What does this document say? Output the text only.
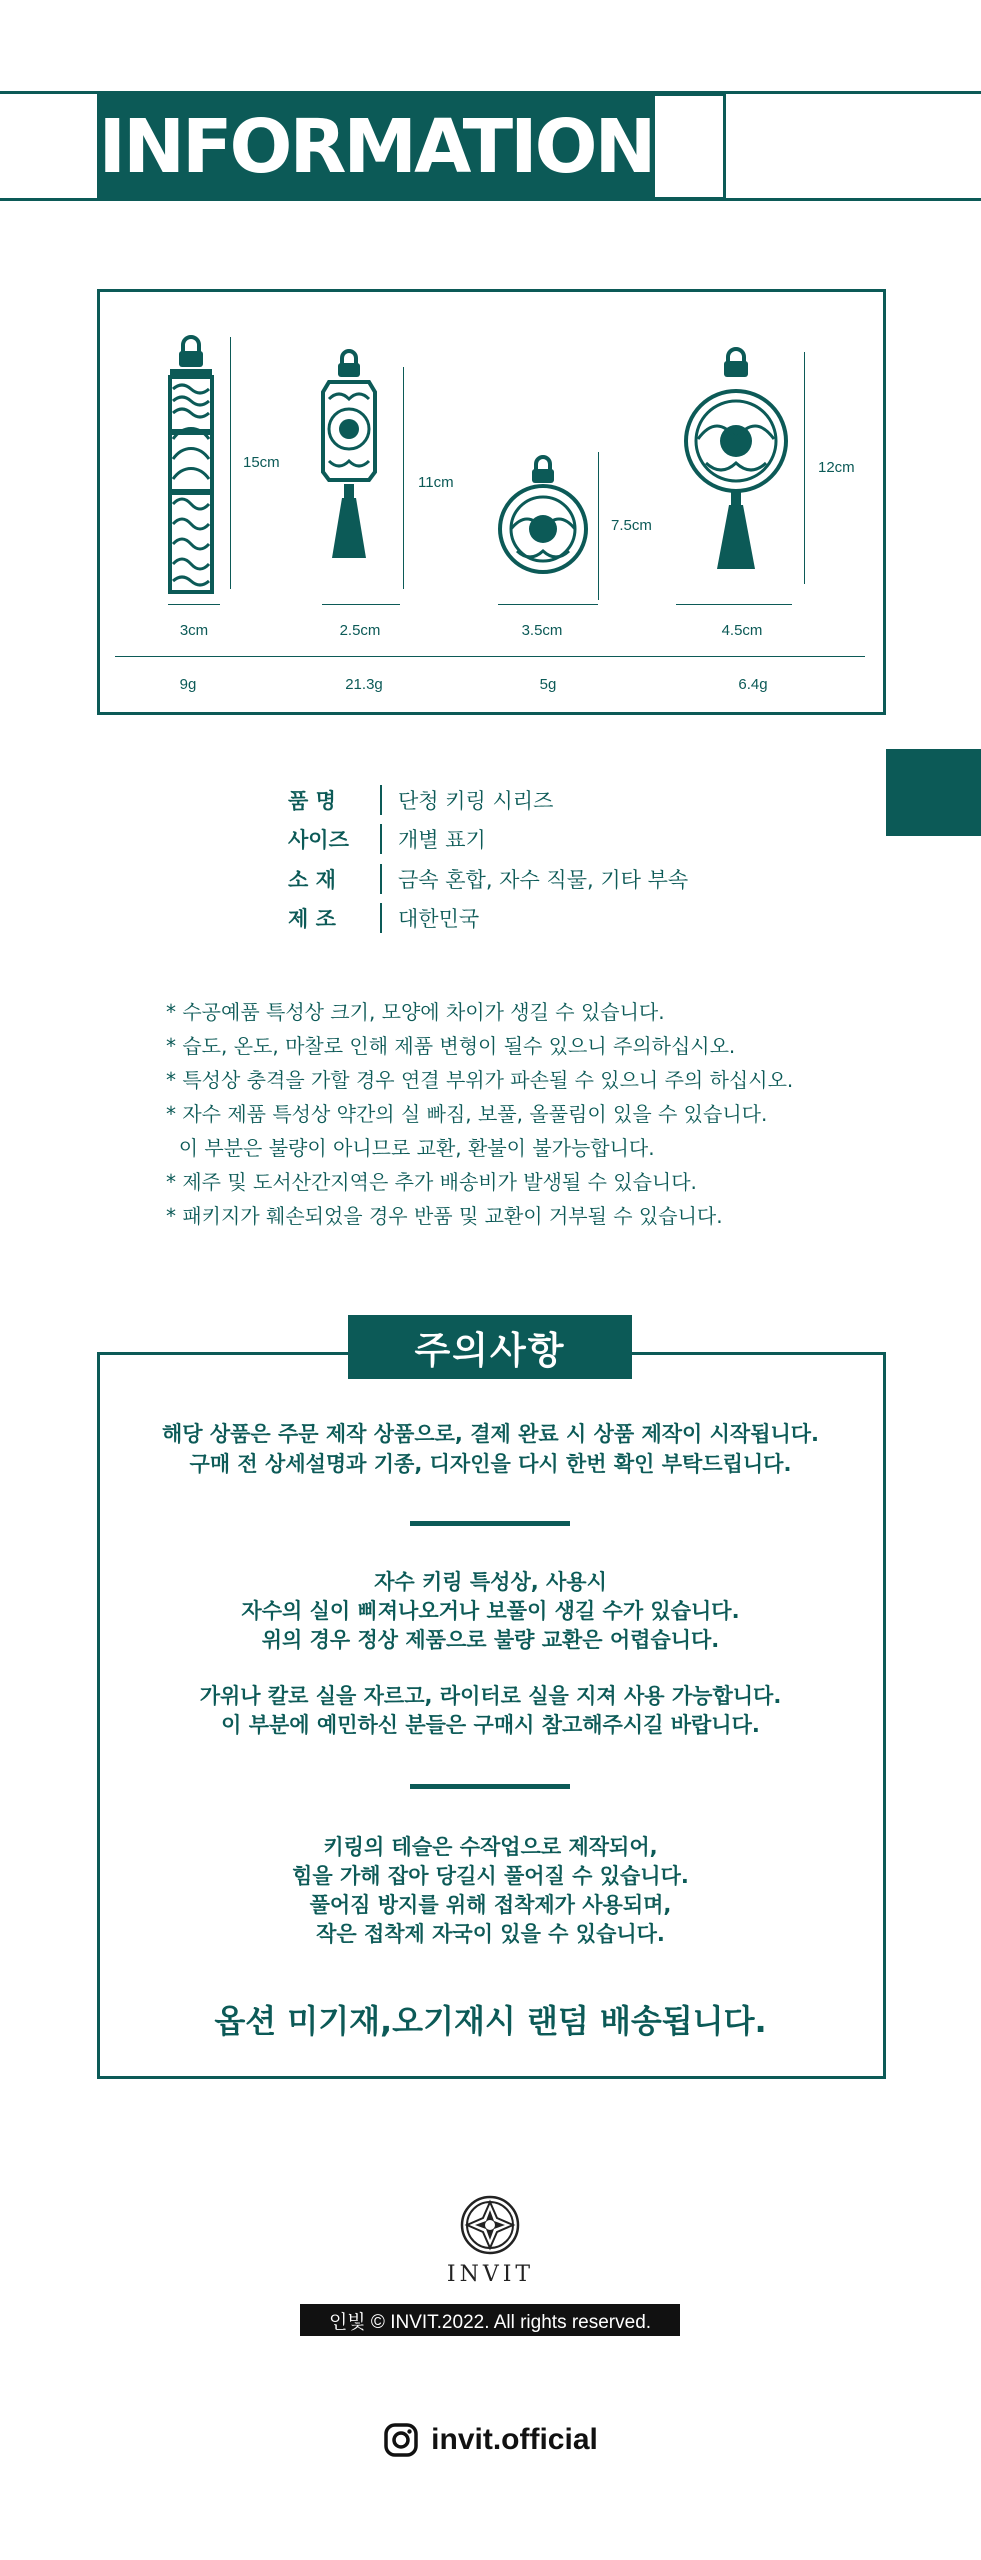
INFORMATION
15cm
11cm
7.5cm
12cm
3cm	2.5cm	3.5cm	4.5cm
9g	21.3g	5g	6.4g
품 명	단청 키링 시리즈
사이즈	개별 표기
소 재	금속 혼합, 자수 직물, 기타 부속
제 조	대한민국
* 수공예품 특성상 크기, 모양에 차이가 생길 수 있습니다.
* 습도, 온도, 마찰로 인해 제품 변형이 될수 있으니 주의하십시오.
* 특성상 충격을 가할 경우 연결 부위가 파손될 수 있으니 주의 하십시오.
* 자수 제품 특성상 약간의 실 빠짐, 보풀, 올풀림이 있을 수 있습니다.
이 부분은 불량이 아니므로 교환, 환불이 불가능합니다.
* 제주 및 도서산간지역은 추가 배송비가 발생될 수 있습니다.
* 패키지가 훼손되었을 경우 반품 및 교환이 거부될 수 있습니다.
주의사항
해당 상품은 주문 제작 상품으로, 결제 완료 시 상품 제작이 시작됩니다.
구매 전 상세설명과 기종, 디자인을 다시 한번 확인 부탁드립니다.
자수 키링 특성상, 사용시
자수의 실이 삐져나오거나 보풀이 생길 수가 있습니다.
위의 경우 정상 제품으로 불량 교환은 어렵습니다.
가위나 칼로 실을 자르고, 라이터로 실을 지져 사용 가능합니다.
이 부분에 예민하신 분들은 구매시 참고해주시길 바랍니다.
키링의 테슬은 수작업으로 제작되어,
힘을 가해 잡아 당길시 풀어질 수 있습니다.
풀어짐 방지를 위해 접착제가 사용되며,
작은 접착제 자국이 있을 수 있습니다.
옵션 미기재,오기재시 랜덤 배송됩니다.
INVIT
인빛 © INVIT.2022. All rights reserved.
invit.official
